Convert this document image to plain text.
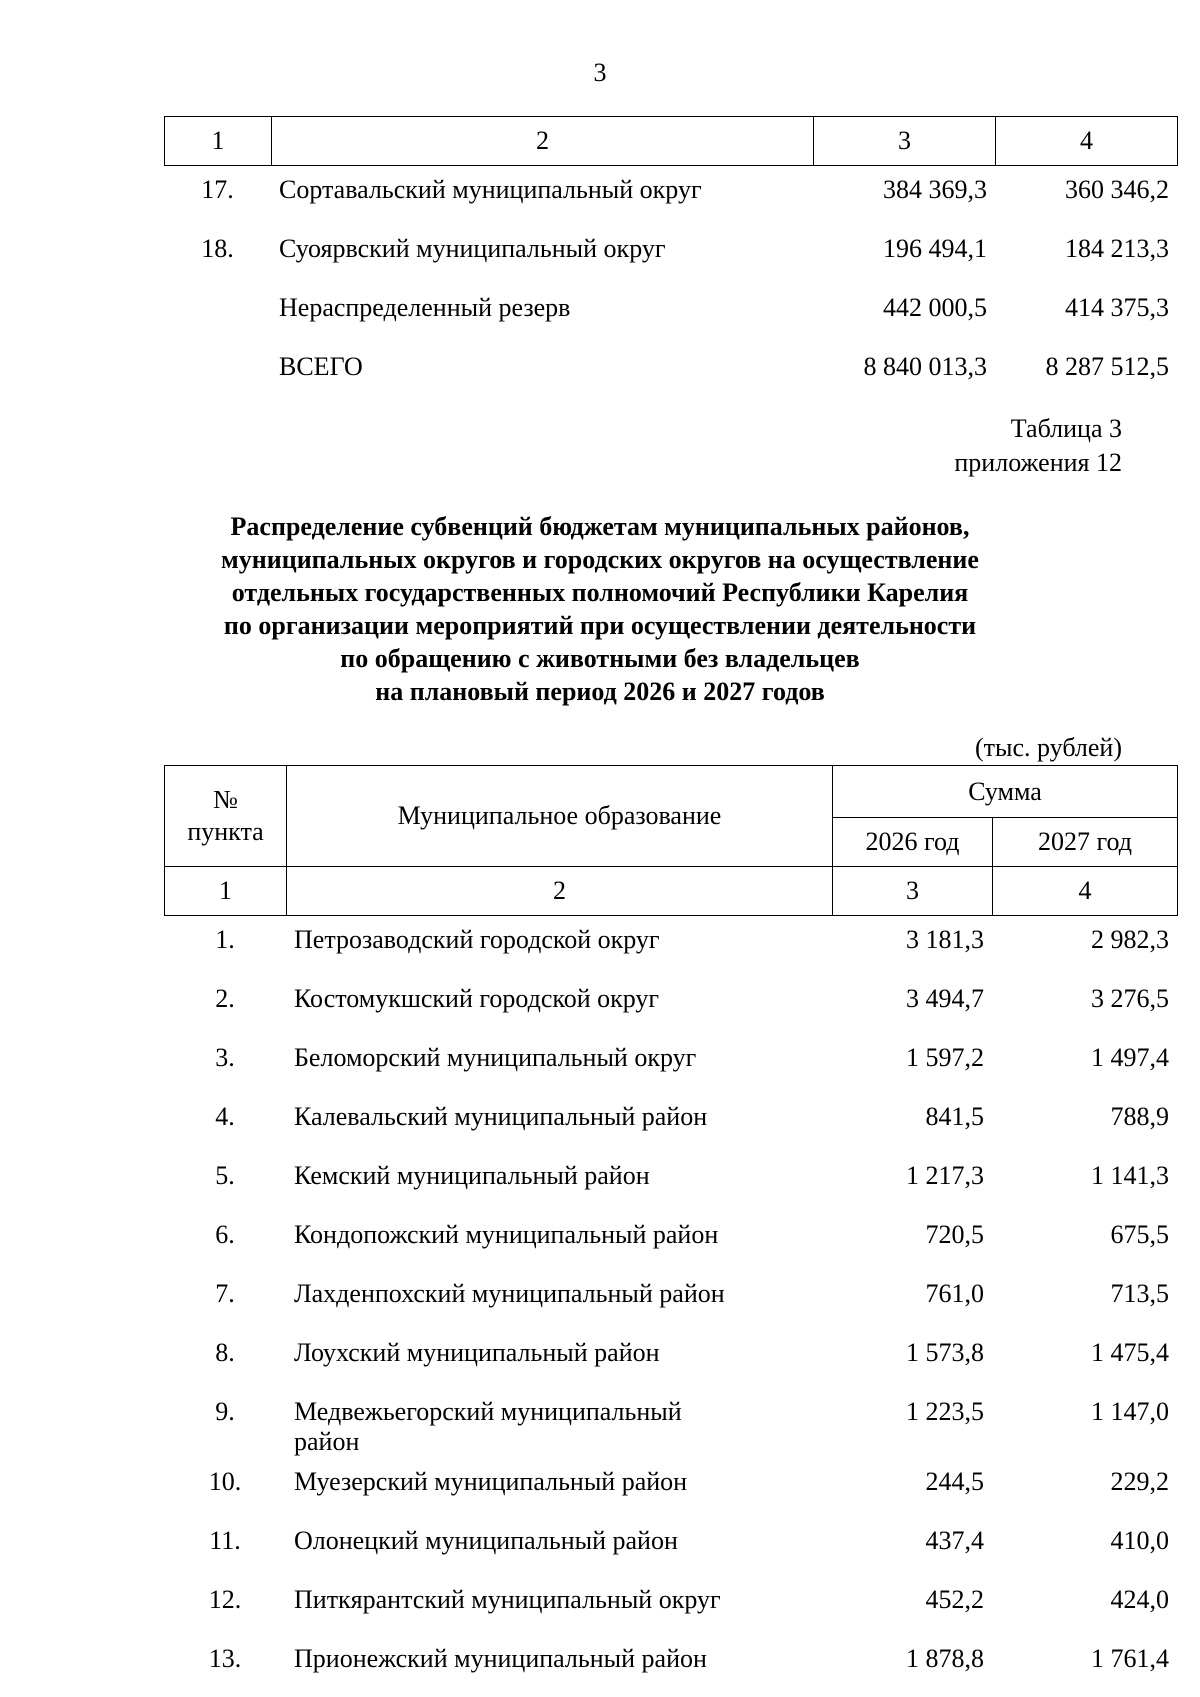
3
1	2	3	4
17.	Сортавальский муниципальный округ	384 369,3	360 346,2
18.	Суоярвский муниципальный округ	196 494,1	184 213,3
	Нераспределенный резерв	442 000,5	414 375,3
	ВСЕГО	8 840 013,3	8 287 512,5
Таблица 3
приложения 12
Распределение субвенций бюджетам муниципальных районов,
муниципальных округов и городских округов на осуществление
отдельных государственных полномочий Республики Карелия
по организации мероприятий при осуществлении деятельности
по обращению с животными без владельцев
на плановый период 2026 и 2027 годов
(тыс. рублей)
№
пункта	Муниципальное образование	Сумма	
		2026 год	2027 год
1	2	3	4
1.	Петрозаводский городской округ	3 181,3	2 982,3
2.	Костомукшский городской округ	3 494,7	3 276,5
3.	Беломорский муниципальный округ	1 597,2	1 497,4
4.	Калевальский муниципальный район	841,5	788,9
5.	Кемский муниципальный район	1 217,3	1 141,3
6.	Кондопожский муниципальный район	720,5	675,5
7.	Лахденпохский муниципальный район	761,0	713,5
8.	Лоухский муниципальный район	1 573,8	1 475,4
9.	Медвежьегорский муниципальный
район	1 223,5	1 147,0
10.	Муезерский муниципальный район	244,5	229,2
11.	Олонецкий муниципальный район	437,4	410,0
12.	Питкярантский муниципальный округ	452,2	424,0
13.	Прионежский муниципальный район	1 878,8	1 761,4
